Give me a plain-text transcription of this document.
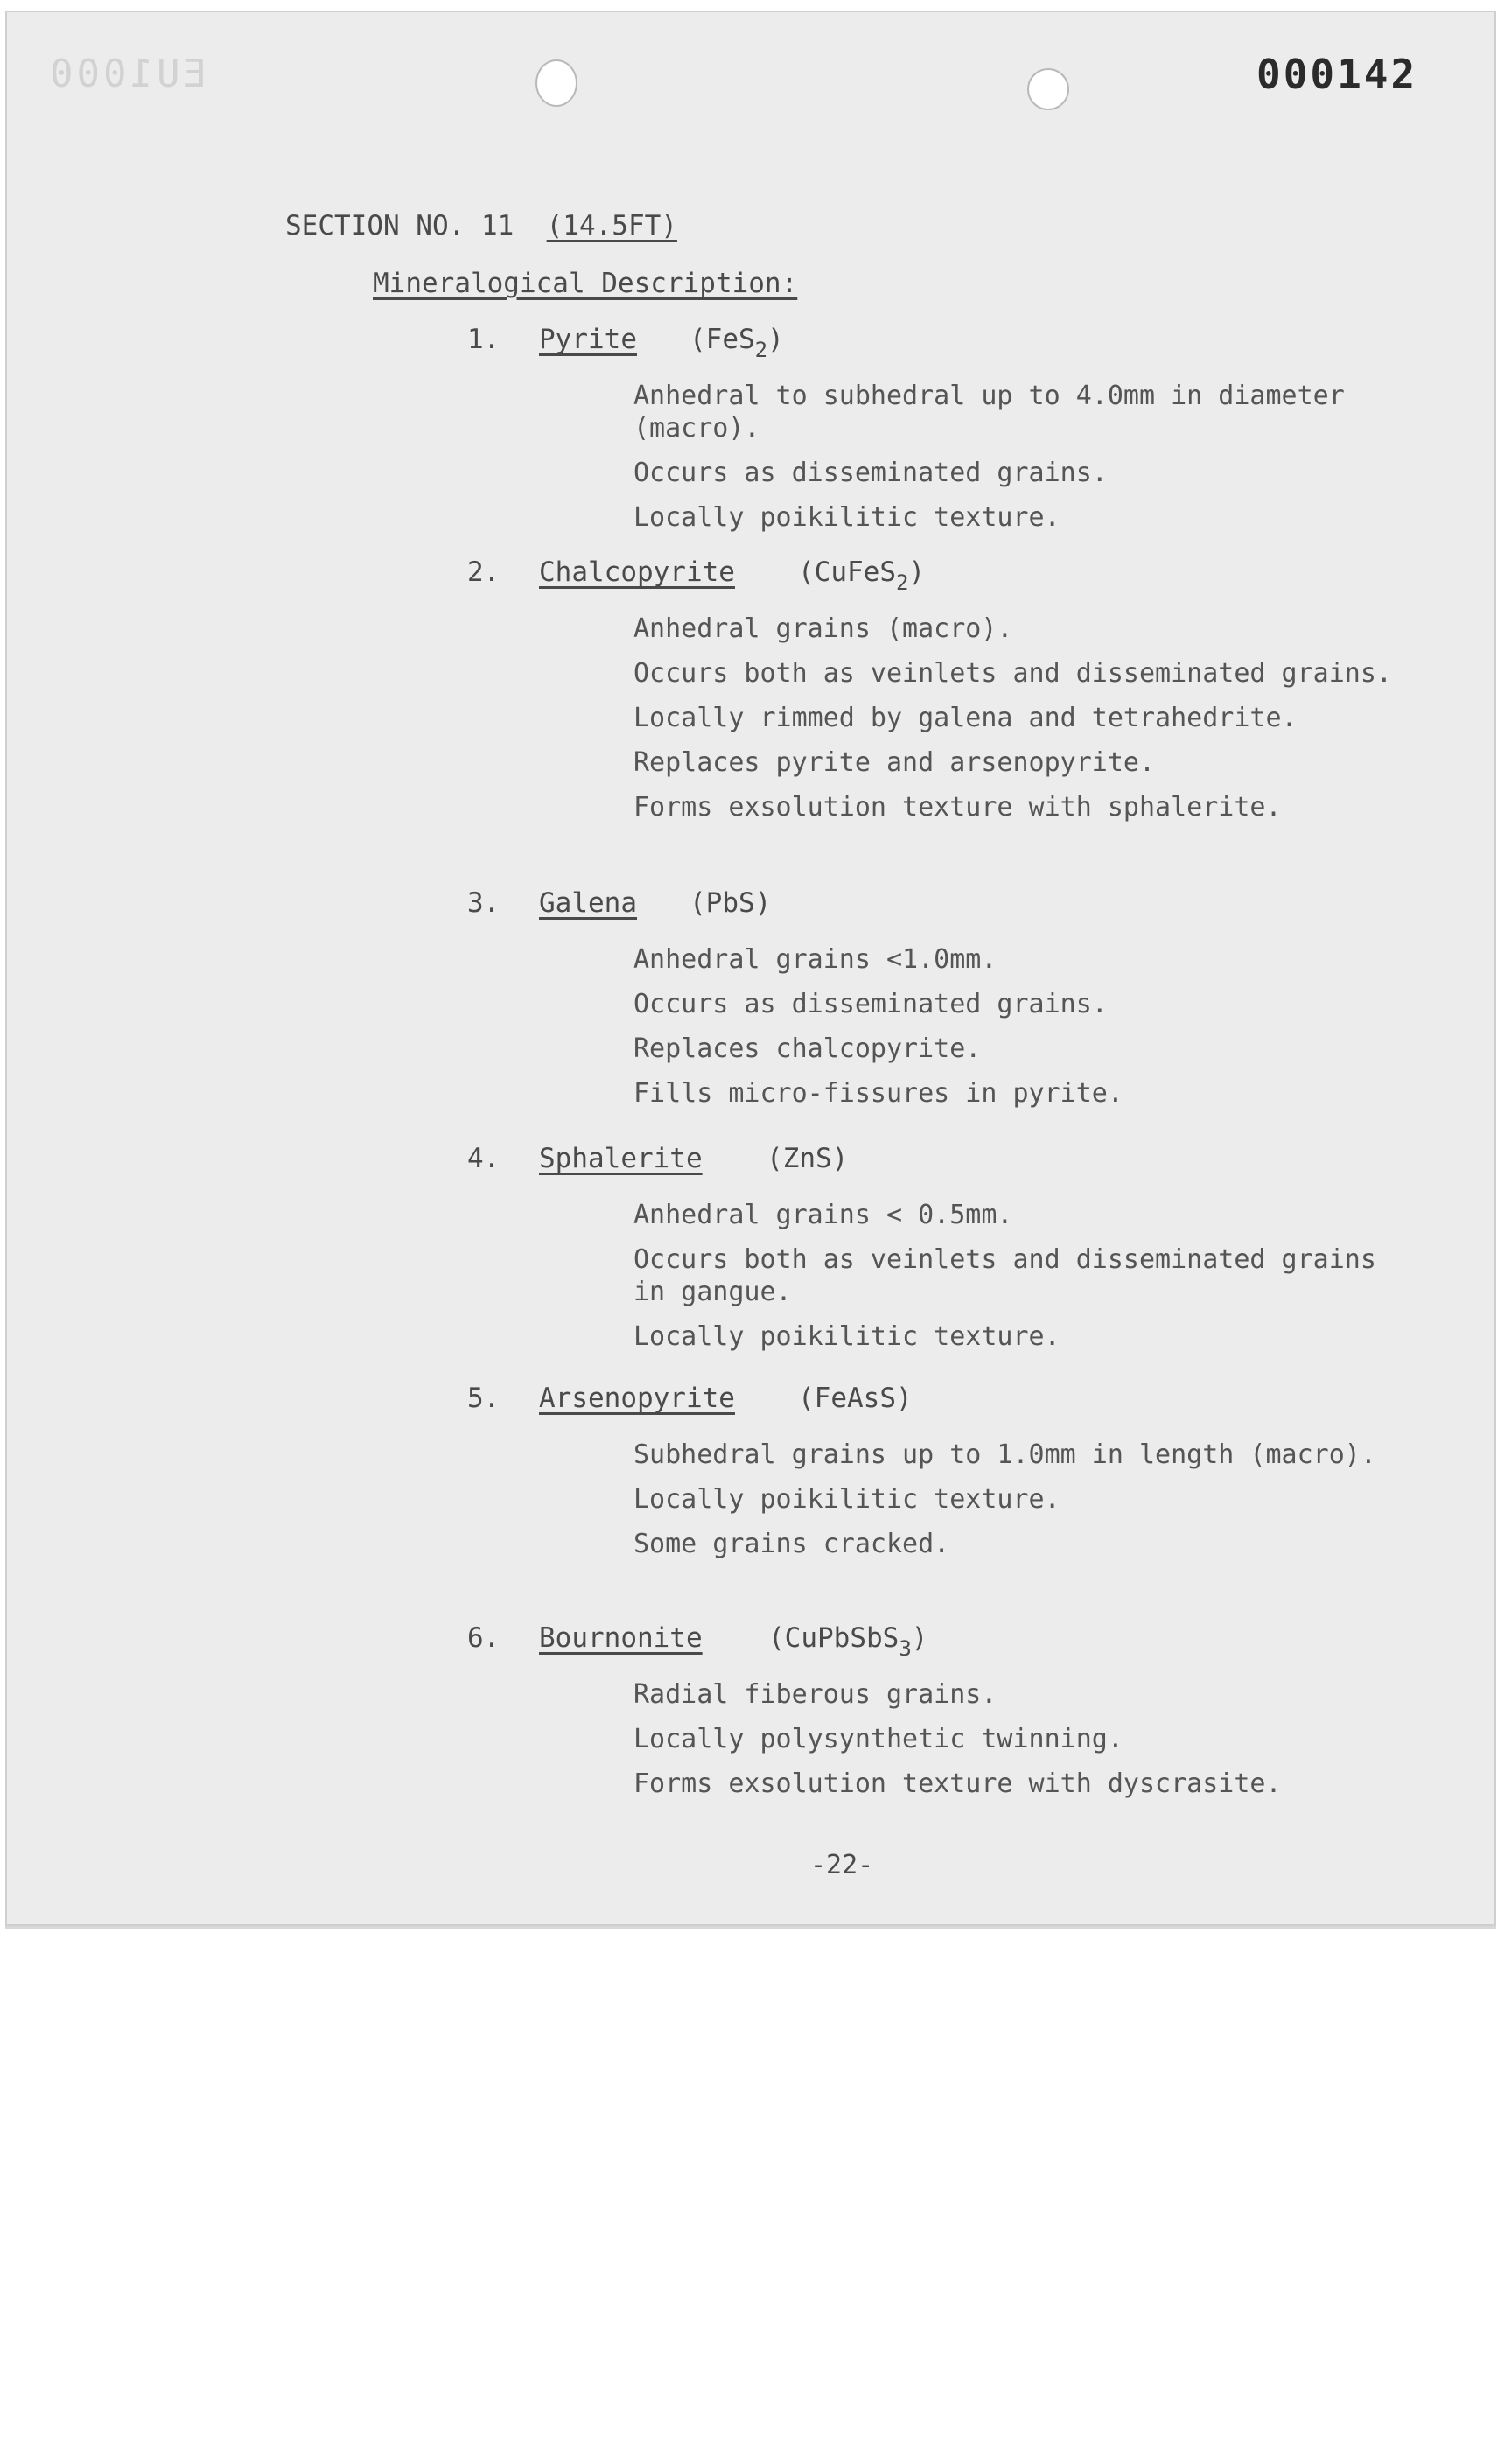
EU1000	000142
SECTION NO. 11 (14.5FT)
Mineralogical Description:
1. Pyrite (FeS$_2$)
Anhedral to subhedral up to 4.0mm in diameter (macro).
Occurs as disseminated grains.
Locally poikilitic texture.
2. Chalcopyrite (CuFeS$_2$)
Anhedral grains (macro).
Occurs both as veinlets and disseminated grains.
Locally rimmed by galena and tetrahedrite.
Replaces pyrite and arsenopyrite.
Forms exsolution texture with sphalerite.
3. Galena (PbS)
Anhedral grains <1.0mm.
Occurs as disseminated grains.
Replaces chalcopyrite.
Fills micro-fissures in pyrite.
4. Sphalerite (ZnS)
Anhedral grains < 0.5mm.
Occurs both as veinlets and disseminated grains in gangue.
Locally poikilitic texture.
5. Arsenopyrite (FeAsS)
Subhedral grains up to 1.0mm in length (macro).
Locally poikilitic texture.
Some grains cracked.
6. Bournonite (CuPbSbS$_3$)
Radial fiberous grains.
Locally polysynthetic twinning.
Forms exsolution texture with dyscrasite.
-22-
